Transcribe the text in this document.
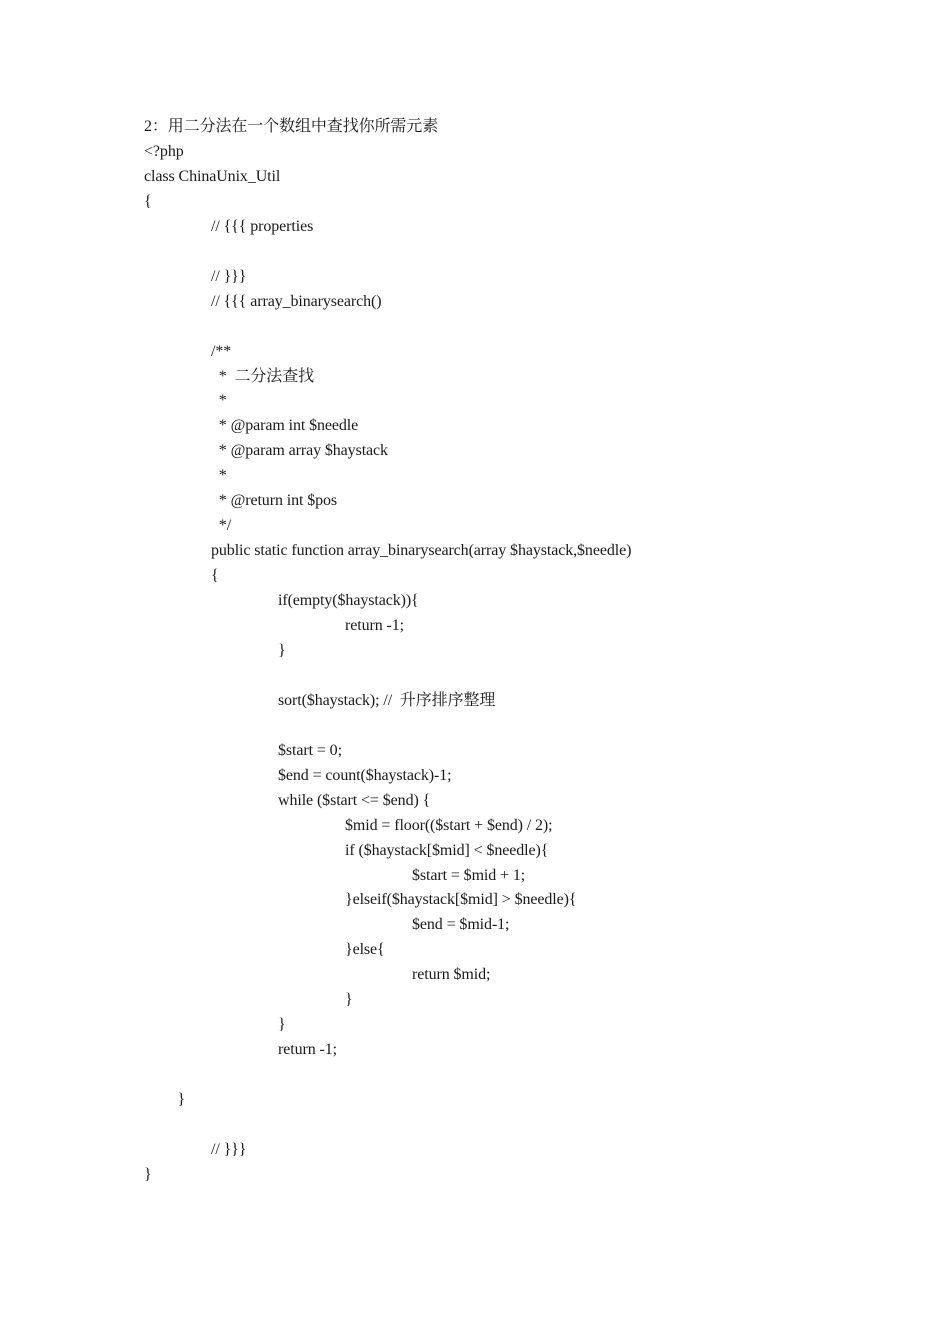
2：用二分法在一个数组中查找你所需元素
<?php
class ChinaUnix_Util
{
// {{{ properties
// }}}
// {{{ array_binarysearch()
/**
*  二分法查找
*
* @param int $needle
* @param array $haystack
*
* @return int $pos
*/
public static function array_binarysearch(array $haystack,$needle)
{
if(empty($haystack)){
return -1;
}
sort($haystack); //  升序排序整理
$start = 0;
$end = count($haystack)-1;
while ($start <= $end) {
$mid = floor(($start + $end) / 2);
if ($haystack[$mid] < $needle){
$start = $mid + 1;
}elseif($haystack[$mid] > $needle){
$end = $mid-1;
}else{
return $mid;
}
}
return -1;
}
// }}}
}
